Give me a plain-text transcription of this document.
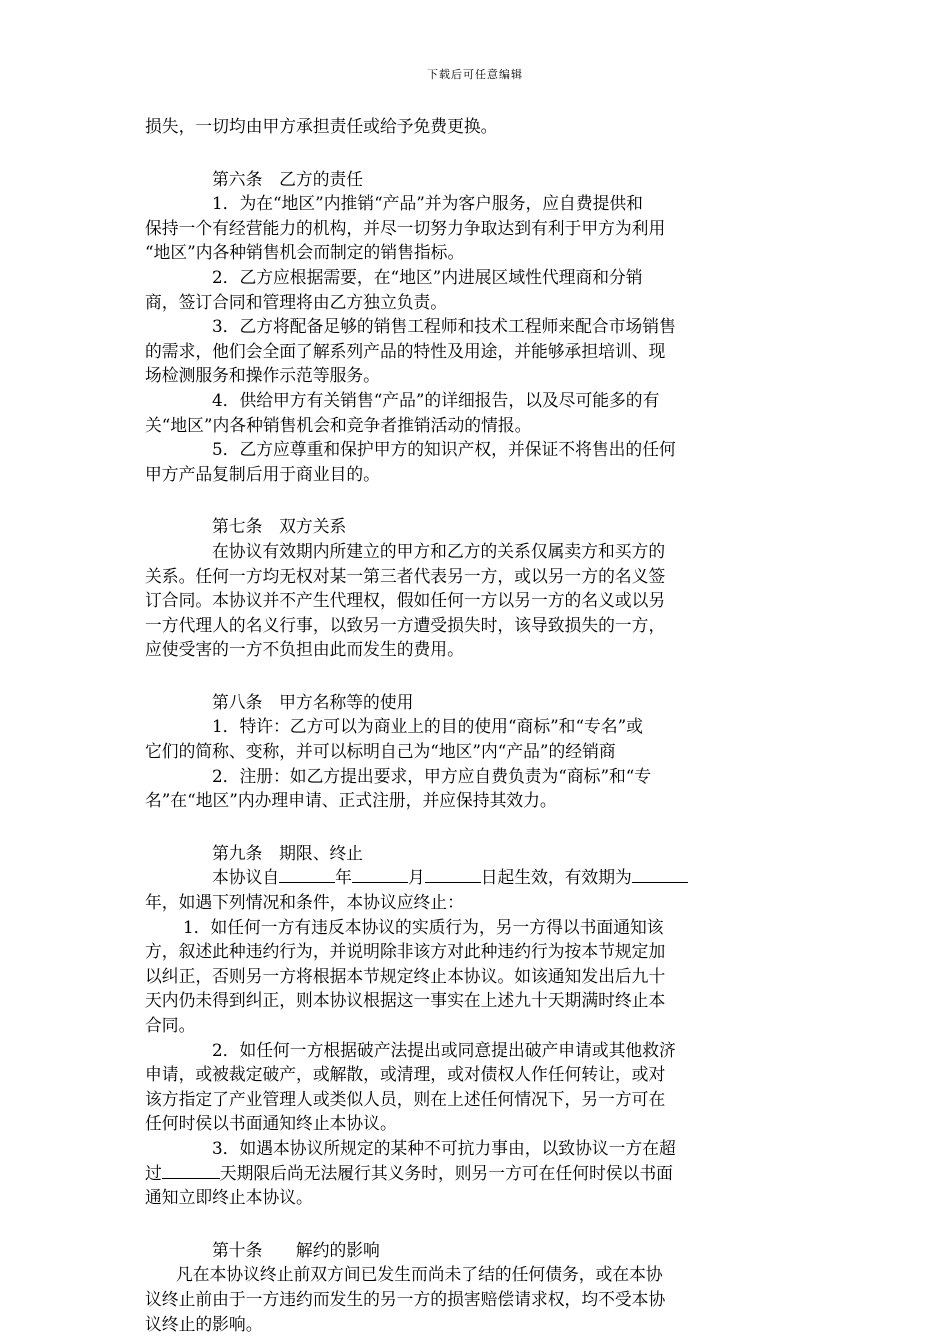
下载后可任意编辑
损失，一切均由甲方承担责任或给予免费更换。
第六条　乙方的责任
1．为在“地区”内推销“产品”并为客户服务，应自费提供和
保持一个有经营能力的机构，并尽一切努力争取达到有利于甲方为利用
“地区”内各种销售机会而制定的销售指标。
2．乙方应根据需要，在“地区”内进展区域性代理商和分销
商，签订合同和管理将由乙方独立负责。
3．乙方将配备足够的销售工程师和技术工程师来配合市场销售
的需求，他们会全面了解系列产品的特性及用途，并能够承担培训、现
场检测服务和操作示范等服务。
4．供给甲方有关销售“产品”的详细报告，以及尽可能多的有
关“地区”内各种销售机会和竞争者推销活动的情报。
5．乙方应尊重和保护甲方的知识产权，并保证不将售出的任何
甲方产品复制后用于商业目的。
第七条　双方关系
在协议有效期内所建立的甲方和乙方的关系仅属卖方和买方的
关系。任何一方均无权对某一第三者代表另一方，或以另一方的名义签
订合同。本协议并不产生代理权，假如任何一方以另一方的名义或以另
一方代理人的名义行事，以致另一方遭受损失时，该导致损失的一方，
应使受害的一方不负担由此而发生的费用。
第八条　甲方名称等的使用
1．特许：乙方可以为商业上的目的使用“商标”和“专名”或
它们的简称、变称，并可以标明自己为“地区”内“产品”的经销商
2．注册：如乙方提出要求，甲方应自费负责为“商标”和“专
名”在“地区”内办理申请、正式注册，并应保持其效力。
第九条　期限、终止
本协议自	年	月	日起生效，有效期为
年，如遇下列情况和条件，本协议应终止：
1．如任何一方有违反本协议的实质行为，另一方得以书面通知该
方，叙述此种违约行为，并说明除非该方对此种违约行为按本节规定加
以纠正，否则另一方将根据本节规定终止本协议。如该通知发出后九十
天内仍未得到纠正，则本协议根据这一事实在上述九十天期满时终止本
合同。
2．如任何一方根据破产法提出或同意提出破产申请或其他救济
申请，或被裁定破产，或解散，或清理，或对债权人作任何转让，或对
该方指定了产业管理人或类似人员，则在上述任何情况下，另一方可在
任何时侯以书面通知终止本协议。
3．如遇本协议所规定的某种不可抗力事由，以致协议一方在超
过	天期限后尚无法履行其义务时，则另一方可在任何时侯以书面
通知立即终止本协议。
第十条　　解约的影响
凡在本协议终止前双方间已发生而尚未了结的任何债务，或在本协
议终止前由于一方违约而发生的另一方的损害赔偿请求权，均不受本协
议终止的影响。
